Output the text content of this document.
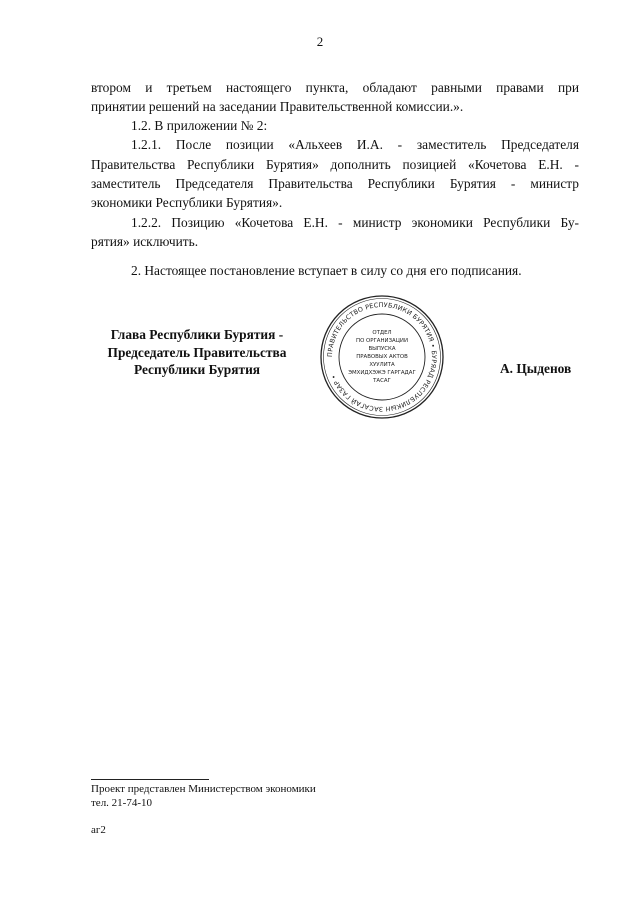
2

втором и третьем настоящего пункта, обладают равными правами при

принятии решений на заседании Правительственной комиссии.».

1.2. В приложении № 2:

1.2.1. После позиции «Альхеев И.А. - заместитель Председателя

Правительства Республики Бурятия» дополнить позицией «Кочетова Е.Н. -

заместитель Председателя Правительства Республики Бурятия - министр

экономики Республики Бурятия».

1.2.2. Позицию «Кочетова Е.Н. - министр экономики Республики Бу-

рятия» исключить.

2. Настоящее постановление вступает в силу со дня его подписания.

Глава Республики Бурятия -
Председатель Правительства
Республики Бурятия
ПРАВИТЕЛЬСТВО РЕСПУБЛИКИ БУРЯТИЯ • БУРЯАД РЕСПУБЛИКЫН ЗАСАГАЙ ГАЗАР •
ОТДЕЛ
ПО ОРГАНИЗАЦИИ
ВЫПУСКА
ПРАВОВЫХ АКТОВ
ХУУЛИТА
ЭМХИДХЭЖЭ ГАРГАДАГ
ТАСАГ
А. Цыденов
Проект представлен Министерством экономики
тел. 21-74-10
аг2
